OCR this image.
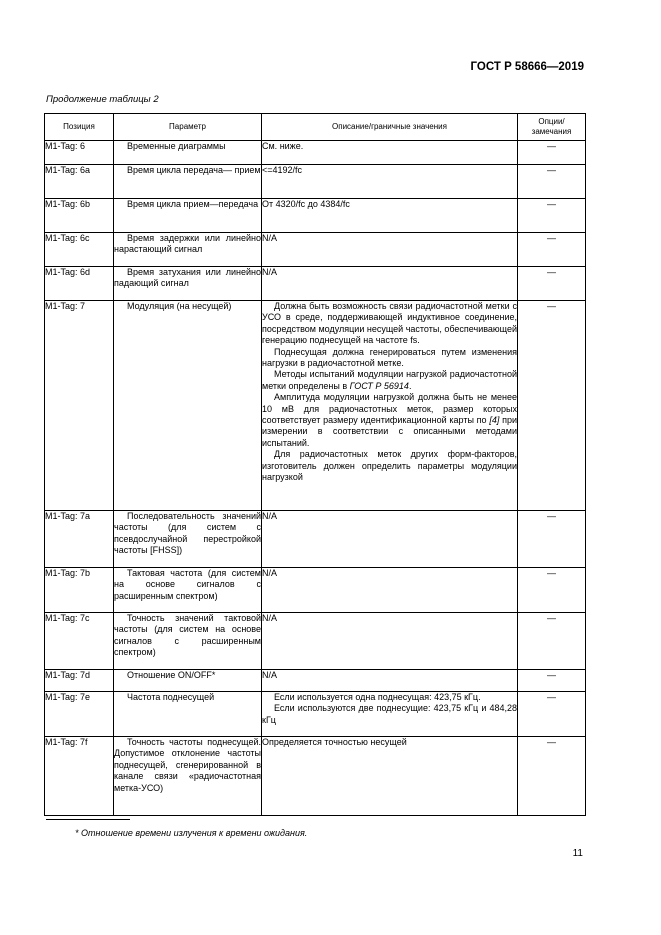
ГОСТ Р 58666—2019
Продолжение таблицы 2
Позиция	Параметр	Описание/граничные значения	Опции/ замечания
M1-Tag: 6	Временные диаграммы	См. ниже.	—
M1-Tag: 6a	Время цикла передача— прием	<=4192/fc	—
M1-Tag: 6b	Время цикла прием—передача	От 4320/fc до 4384/fc	—
M1-Tag: 6c	Время задержки или линейно нарастающий сигнал	N/A	—
M1-Tag: 6d	Время затухания или линейно падающий сигнал	N/A	—
M1-Tag: 7	Модуляция (на несущей)	Должна быть возможность связи радиочастотной метки с УСО в среде, поддерживающей индуктивное соединение, посредством модуляции несущей частоты, обеспечивающей генерацию поднесущей на частоте fs.
Поднесущая должна генерироваться путем изменения нагрузки в радиочастотной метке.
Методы испытаний модуляции нагрузкой радиочастотной метки определены в ГОСТ Р 56914.
Амплитуда модуляции нагрузкой должна быть не менее 10 мВ для радиочастотных меток, размер которых соответствует размеру идентификационной карты по [4] при измерении в соответствии с описанными методами испытаний.
Для радиочастотных меток других форм-факторов, изготовитель должен определить параметры модуляции нагрузкой	—
M1-Tag: 7a	Последовательность значений частоты (для систем с псевдослучайной перестройкой частоты [FHSS])	N/A	—
M1-Tag: 7b	Тактовая частота (для систем на основе сигналов с расширенным спектром)	N/A	—
M1-Tag: 7c	Точность значений тактовой частоты (для систем на основе сигналов с расширенным спектром)	N/A	—
M1-Tag: 7d	Отношение ON/OFF*	N/A	—
M1-Tag: 7e	Частота поднесущей	Если используется одна поднесущая: 423,75 кГц.
Если используются две поднесущие: 423,75 кГц и 484,28 кГц	—
M1-Tag: 7f	Точность частоты поднесущей. Допустимое отклонение частоты поднесущей, сгенерированной в канале связи «радиочастотная метка-УСО)	Определяется точностью несущей	—
* Отношение времени излучения к времени ожидания.
11
